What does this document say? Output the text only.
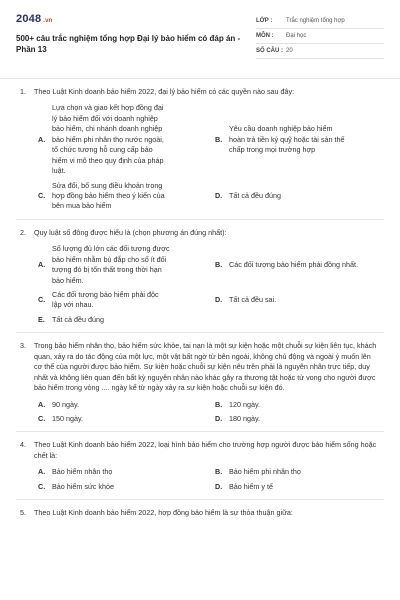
2048 .vn
500+ câu trắc nghiệm tổng hợp Đại lý bảo hiểm có đáp án - Phần 13
LỚP :	Trắc nghiệm tổng hợp
MÔN :	Đại học
SỐ CÂU : 20
1.	Theo Luật Kinh doanh bảo hiểm 2022, đại lý bảo hiểm có các quyền nào sau đây:
A.
Lựa chọn và giao kết hợp đồng đại lý bảo hiểm đối với doanh nghiệp bảo hiểm, chi nhánh doanh nghiệp bảo hiểm phi nhân thọ nước ngoài, tổ chức tương hỗ cung cấp bảo hiểm vi mô theo quy định của pháp luật.
B.
Yêu cầu doanh nghiệp bảo hiểm hoàn trả tiền ký quỹ hoặc tài sản thế chấp trong mọi trường hợp
C.
Sửa đổi, bổ sung điều khoản trong hợp đồng bảo hiểm theo ý kiến của bên mua bảo hiểm
D. Tất cả đều đúng
2.	Quy luật số đông được hiểu là (chọn phương án đúng nhất):
A.
Số lượng đủ lớn các đối tượng được bảo hiểm nhằm bù đắp cho số ít đối tượng đó bị tổn thất trong thời hạn bảo hiểm.
B. Các đối tượng bảo hiểm phải đồng nhất.
C.
Các đối tượng bảo hiểm phải độc lập với nhau.
D. Tất cả đều sai.
E.	Tất cả đều đúng
3.	Trong bảo hiểm nhân thọ, bảo hiểm sức khỏe, tai nạn là một sự kiện hoặc một chuỗi sự kiện liên tục, khách quan, xảy ra do tác động của một lực, một vật bất ngờ từ bên ngoài, không chủ động và ngoài ý muốn lên cơ thể của người được bảo hiểm. Sự kiện hoặc chuỗi sự kiện nêu trên phải là nguyên nhân trực tiếp, duy nhất và không liên quan đến bất kỳ nguyên nhân nào khác gây ra thương tật hoặc tử vong cho người được bảo hiểm trong vòng .... ngày kể từ ngày xảy ra sự kiện hoặc chuỗi sự kiện đó.
A. 90 ngày.	B. 120 ngày.
C. 150 ngày.	D. 180 ngày.
4.	Theo Luật Kinh doanh bảo hiểm 2022, loại hình bảo hiểm cho trường hợp người được bảo hiểm sống hoặc chết là:
A. Bảo hiểm nhân thọ	B. Bảo hiểm phi nhân thọ
C. Bảo hiểm sức khỏe	D. Bảo hiểm y tế
5.	Theo Luật Kinh doanh bảo hiểm 2022, hợp đồng bảo hiểm là sự thỏa thuận giữa:
